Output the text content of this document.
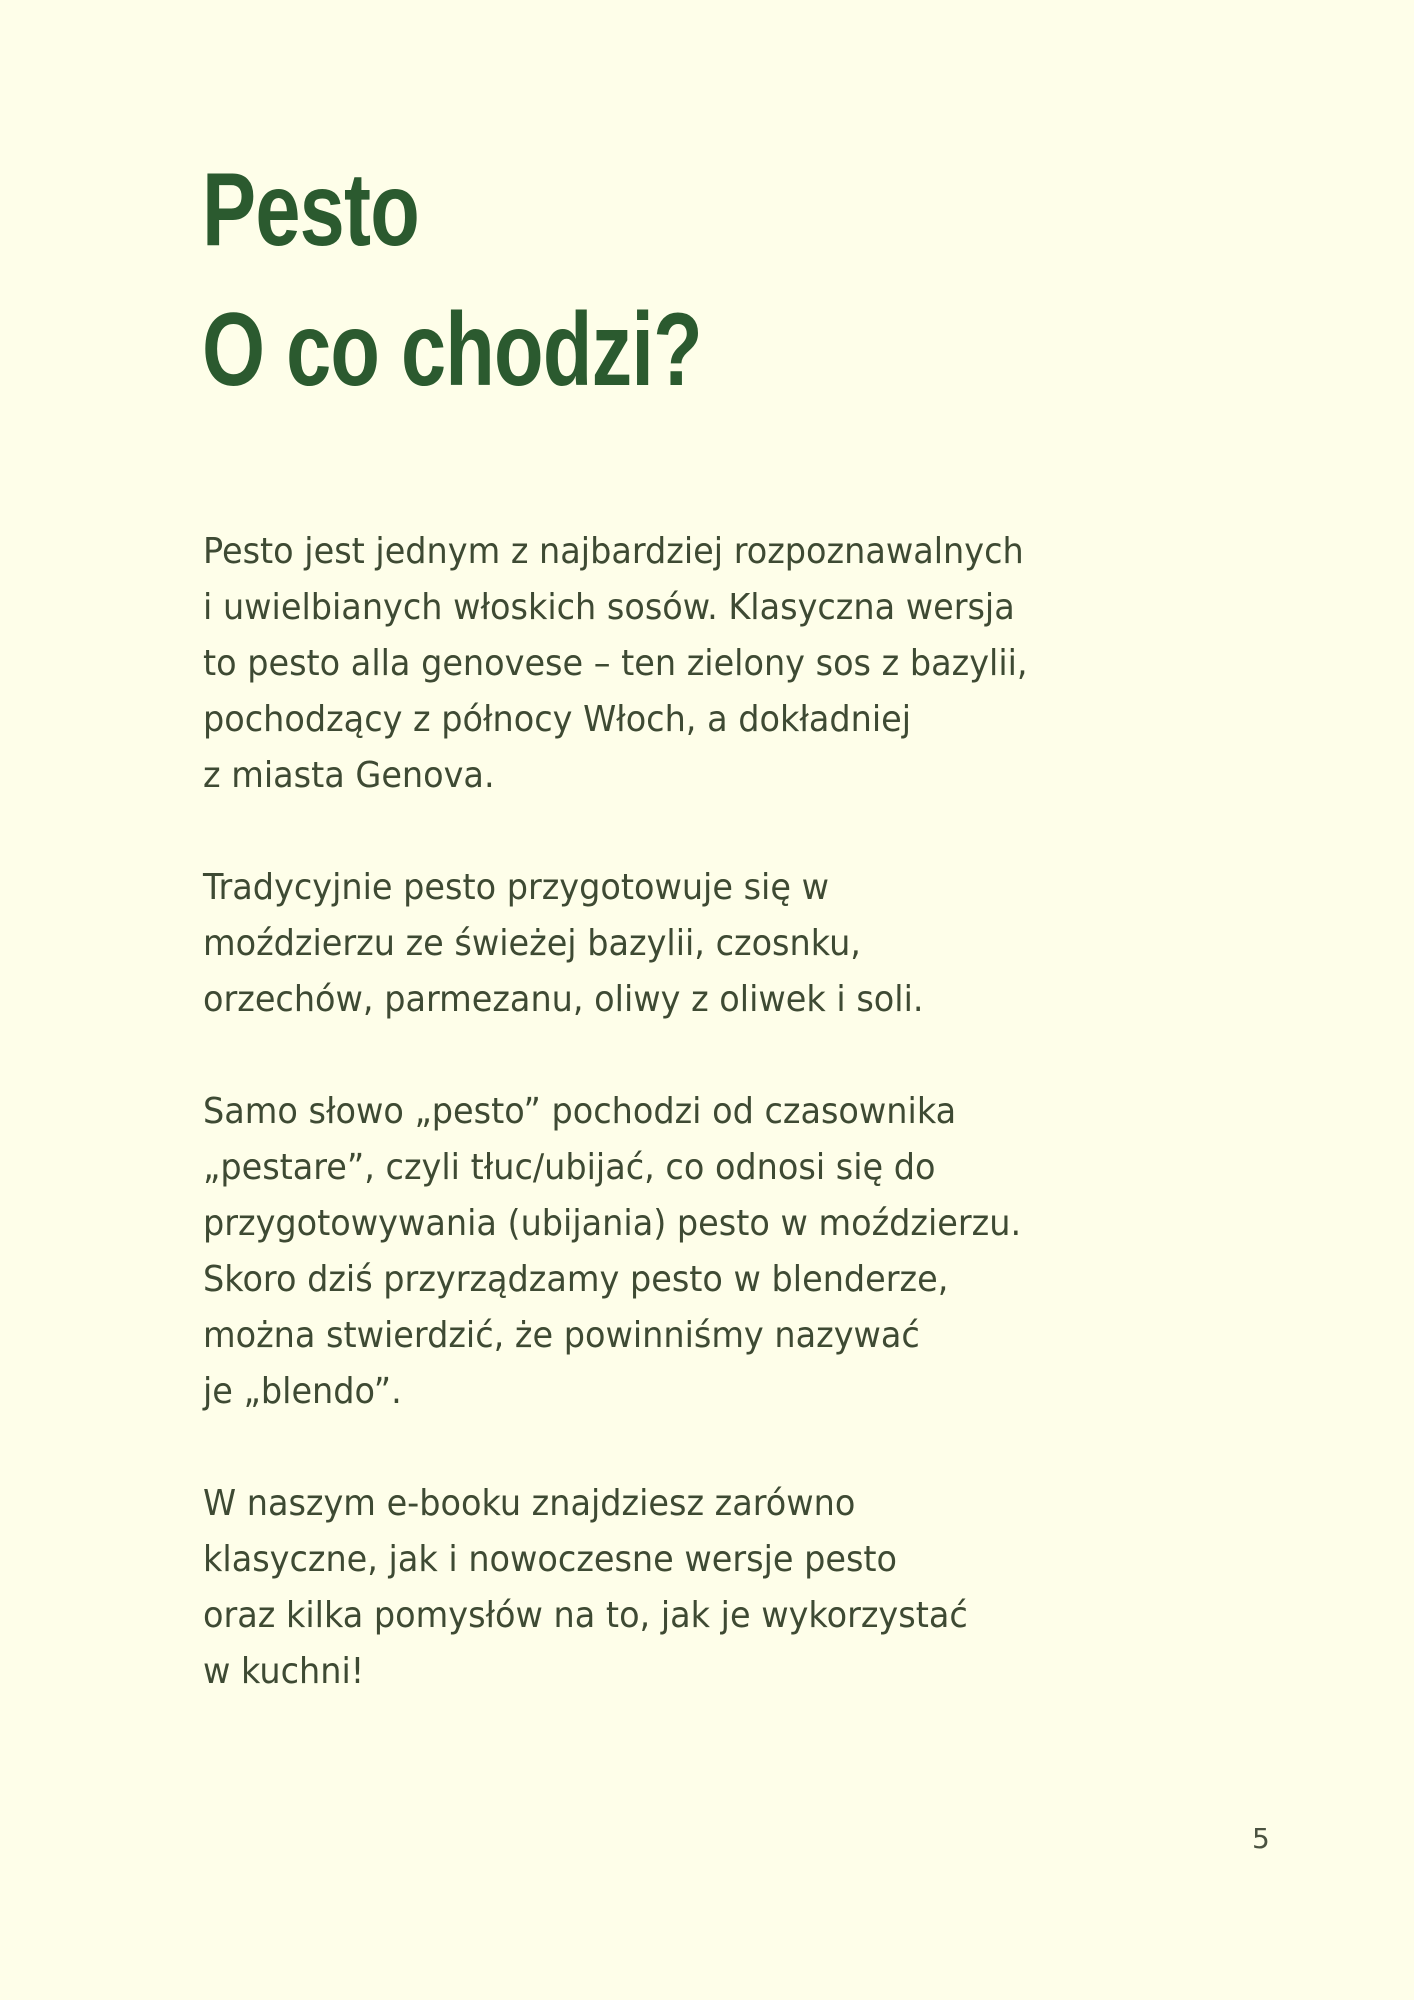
Pesto
O co chodzi?
Pesto jest jednym z najbardziej rozpoznawalnych
i uwielbianych włoskich sosów. Klasyczna wersja
to pesto alla genovese – ten zielony sos z bazylii,
pochodzący z północy Włoch, a dokładniej
z miasta Genova.
Tradycyjnie pesto przygotowuje się w
moździerzu ze świeżej bazylii, czosnku,
orzechów, parmezanu, oliwy z oliwek i soli.
Samo słowo „pesto” pochodzi od czasownika
„pestare”, czyli tłuc/ubijać, co odnosi się do
przygotowywania (ubijania) pesto w moździerzu.
Skoro dziś przyrządzamy pesto w blenderze,
można stwierdzić, że powinniśmy nazywać
je „blendo”.
W naszym e-booku znajdziesz zarówno
klasyczne, jak i nowoczesne wersje pesto
oraz kilka pomysłów na to, jak je wykorzystać
w kuchni!
5
